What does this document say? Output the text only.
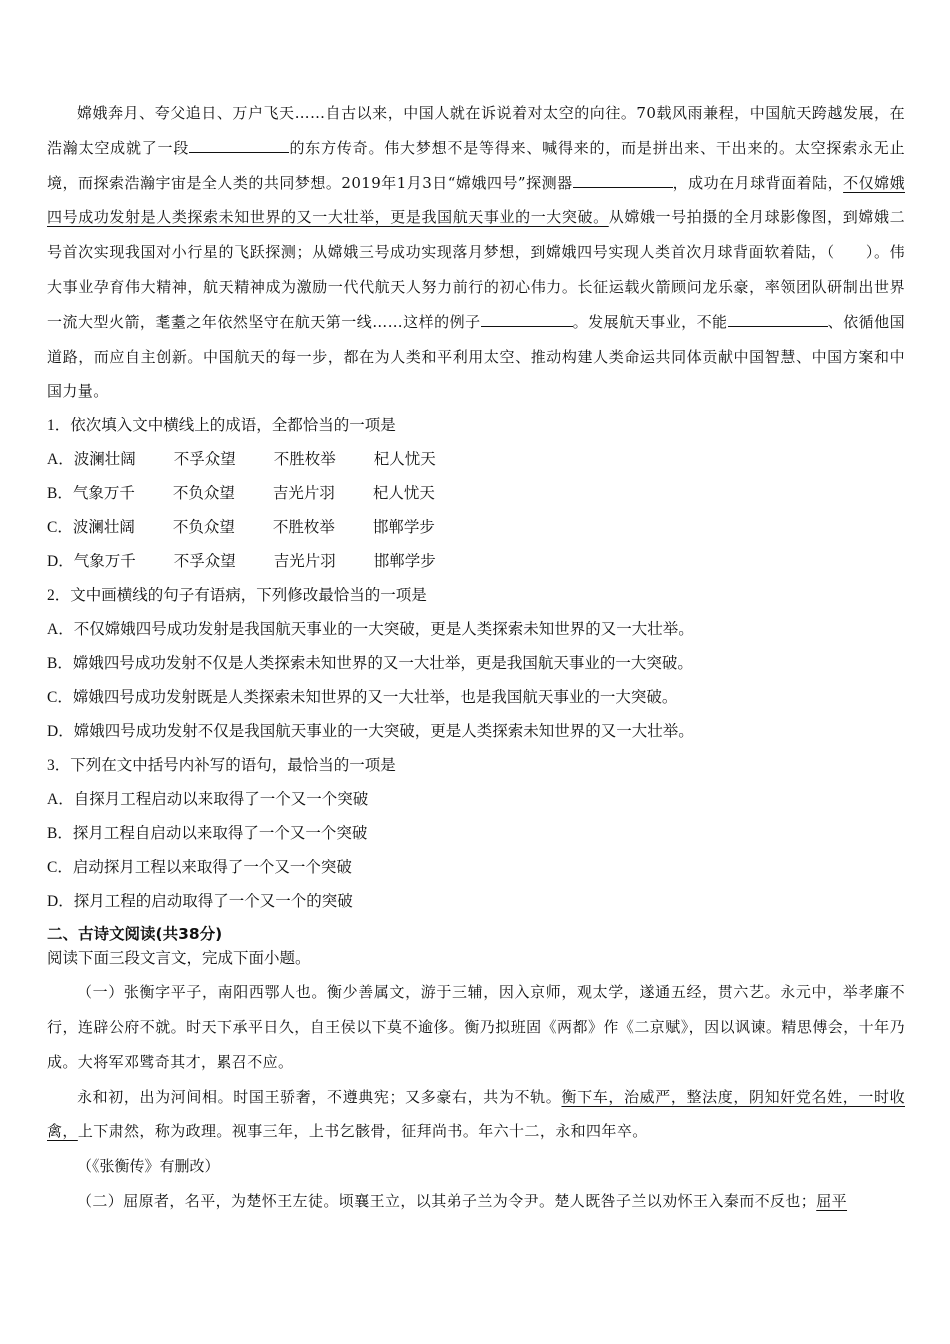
嫦娥奔月、夸父追日、万户飞天……自古以来，中国人就在诉说着对太空的向往。70载风雨兼程，中国航天跨越发展，在浩瀚太空成就了一段	的东方传奇。伟大梦想不是等得来、喊得来的，而是拼出来、干出来的。太空探索永无止境，而探索浩瀚宇宙是全人类的共同梦想。2019年1月3日“嫦娥四号”探测器	，成功在月球背面着陆，不仅嫦娥四号成功发射是人类探索未知世界的又一大壮举，更是我国航天事业的一大突破。从嫦娥一号拍摄的全月球影像图，到嫦娥二号首次实现我国对小行星的飞跃探测；从嫦娥三号成功实现落月梦想，到嫦娥四号实现人类首次月球背面软着陆，（　　）。伟大事业孕育伟大精神，航天精神成为激励一代代航天人努力前行的初心伟力。长征运载火箭顾问龙乐豪，率领团队研制出世界一流大型火箭，耄耋之年依然坚守在航天第一线……这样的例子	。发展航天事业，不能	、依循他国道路，而应自主创新。中国航天的每一步，都在为人类和平利用太空、推动构建人类命运共同体贡献中国智慧、中国方案和中国力量。

1．依次填入文中横线上的成语，全都恰当的一项是

A．波澜壮阔 不孚众望 不胜枚举 杞人忧天

B．气象万千 不负众望 吉光片羽 杞人忧天

C．波澜壮阔 不负众望 不胜枚举 邯郸学步

D．气象万千 不孚众望 吉光片羽 邯郸学步

2．文中画横线的句子有语病，下列修改最恰当的一项是

A．不仅嫦娥四号成功发射是我国航天事业的一大突破，更是人类探索未知世界的又一大壮举。

B．嫦娥四号成功发射不仅是人类探索未知世界的又一大壮举，更是我国航天事业的一大突破。

C．嫦娥四号成功发射既是人类探索未知世界的又一大壮举，也是我国航天事业的一大突破。

D．嫦娥四号成功发射不仅是我国航天事业的一大突破，更是人类探索未知世界的又一大壮举。

3．下列在文中括号内补写的语句，最恰当的一项是

A．自探月工程启动以来取得了一个又一个突破

B．探月工程自启动以来取得了一个又一个突破

C．启动探月工程以来取得了一个又一个突破

D．探月工程的启动取得了一个又一个的突破

二、古诗文阅读(共38分)

阅读下面三段文言文，完成下面小题。

（一）张衡字平子，南阳西鄂人也。衡少善属文，游于三辅，因入京师，观太学，遂通五经，贯六艺。永元中，举孝廉不行，连辟公府不就。时天下承平日久，自王侯以下莫不逾侈。衡乃拟班固《两都》作《二京赋》，因以讽谏。精思傅会，十年乃成。大将军邓骘奇其才，累召不应。

永和初，出为河间相。时国王骄奢，不遵典宪；又多豪右，共为不轨。衡下车，治威严，整法度，阴知奸党名姓，一时收禽，上下肃然，称为政理。视事三年，上书乞骸骨，征拜尚书。年六十二，永和四年卒。

（《张衡传》有删改）

（二）屈原者，名平，为楚怀王左徒。顷襄王立，以其弟子兰为令尹。楚人既咎子兰以劝怀王入秦而不反也；屈平
